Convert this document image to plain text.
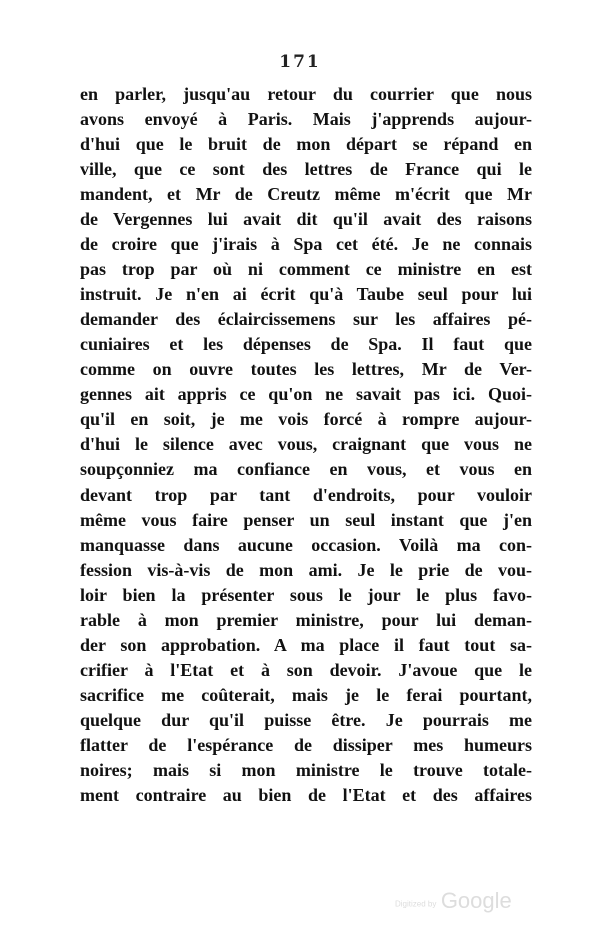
171
en parler, jusqu'au retour du courrier que nous
avons envoyé à Paris. Mais j'apprends aujour-
d'hui que le bruit de mon départ se répand en
ville, que ce sont des lettres de France qui le
mandent, et Mr de Creutz même m'écrit que Mr
de Vergennes lui avait dit qu'il avait des raisons
de croire que j'irais à Spa cet été. Je ne connais
pas trop par où ni comment ce ministre en est
instruit. Je n'en ai écrit qu'à Taube seul pour lui
demander des éclaircissemens sur les affaires pé-
cuniaires et les dépenses de Spa. Il faut que
comme on ouvre toutes les lettres, Mr de Ver-
gennes ait appris ce qu'on ne savait pas ici. Quoi-
qu'il en soit, je me vois forcé à rompre aujour-
d'hui le silence avec vous, craignant que vous ne
soupçonniez ma confiance en vous, et vous en
devant trop par tant d'endroits, pour vouloir
même vous faire penser un seul instant que j'en
manquasse dans aucune occasion. Voilà ma con-
fession vis-à-vis de mon ami. Je le prie de vou-
loir bien la présenter sous le jour le plus favo-
rable à mon premier ministre, pour lui deman-
der son approbation. A ma place il faut tout sa-
crifier à l'Etat et à son devoir. J'avoue que le
sacrifice me coûterait, mais je le ferai pourtant,
quelque dur qu'il puisse être. Je pourrais me
flatter de l'espérance de dissiper mes humeurs
noires; mais si mon ministre le trouve totale-
ment contraire au bien de l'Etat et des affaires
Digitized by Google
